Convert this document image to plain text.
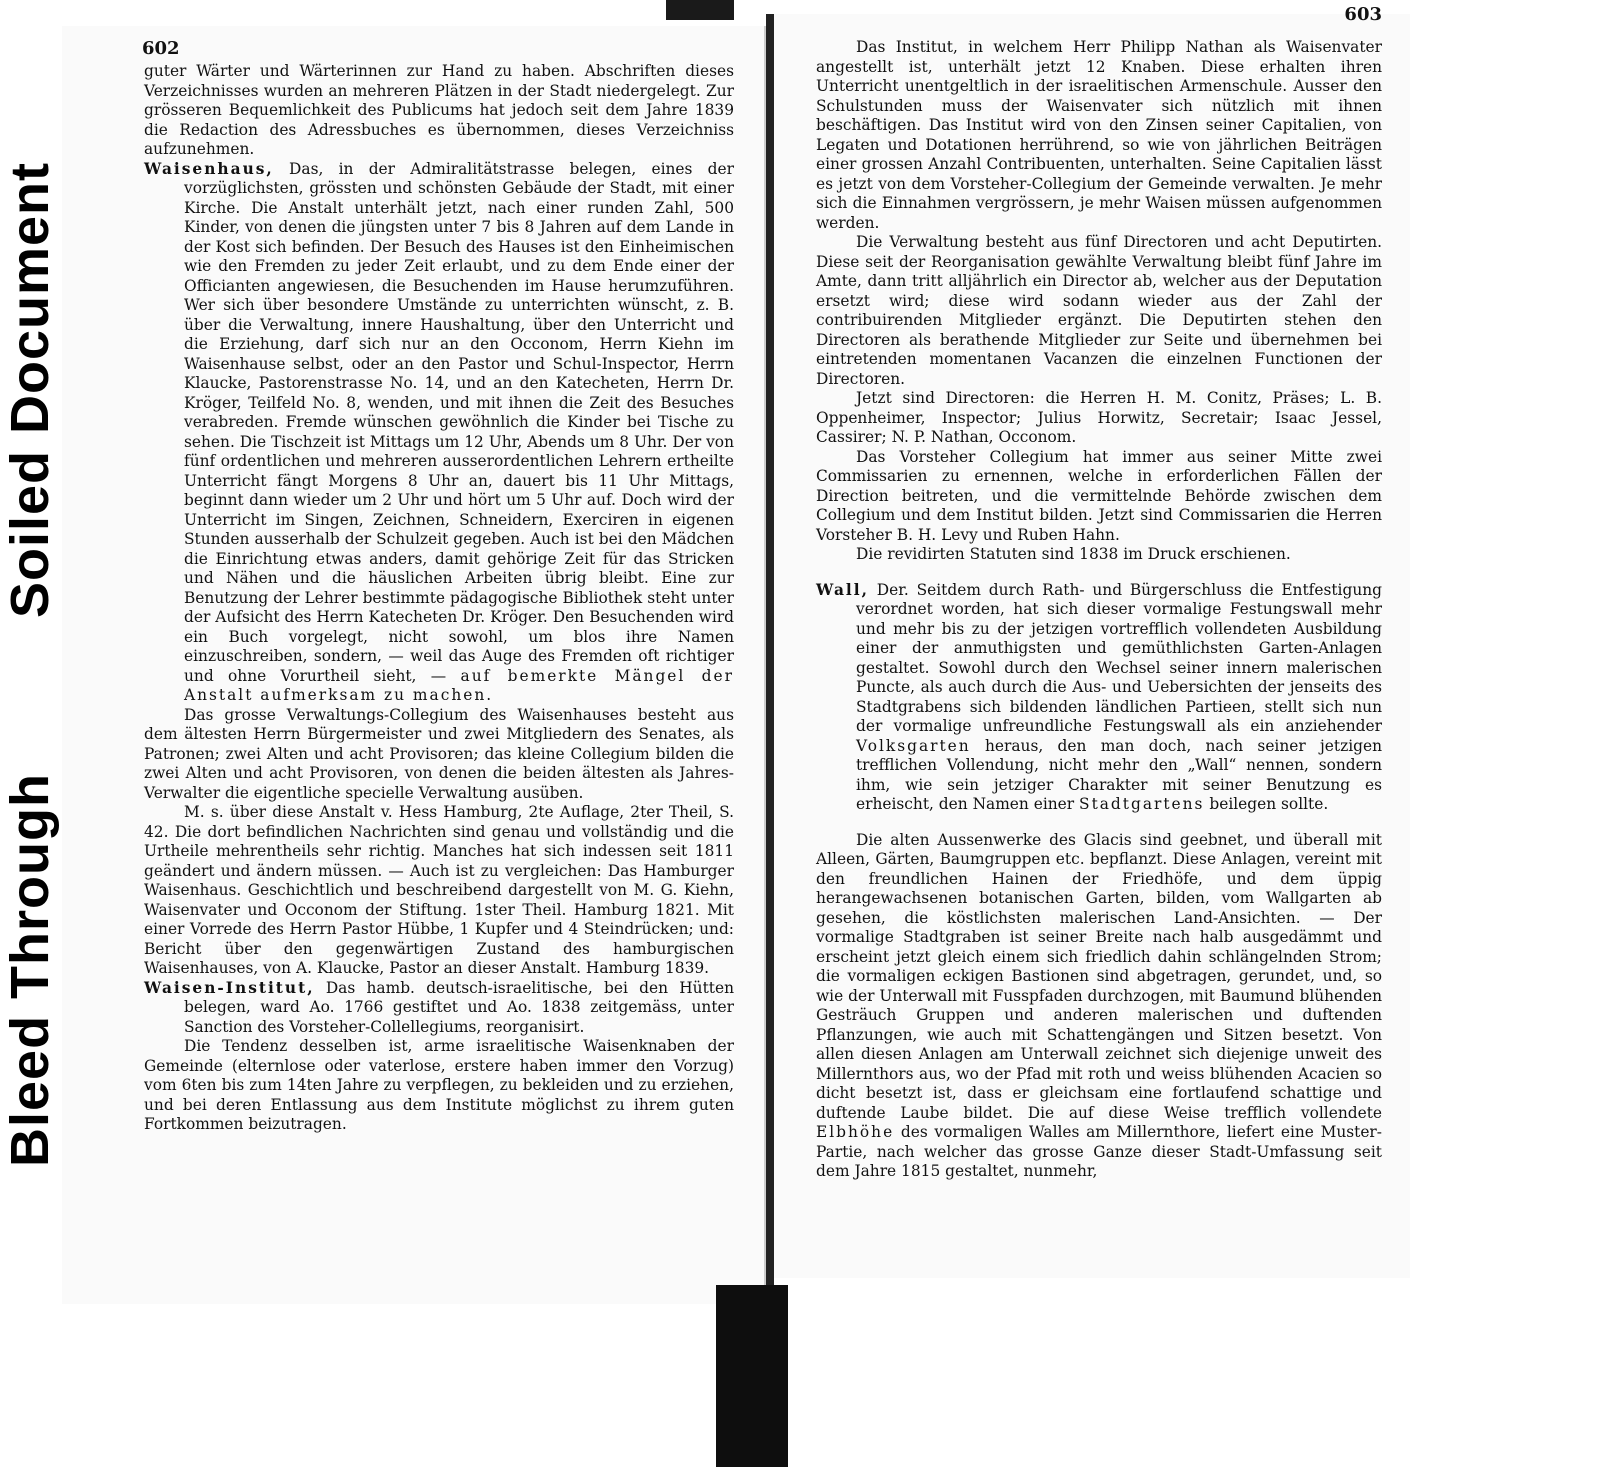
Soiled Document
Bleed Through
602

guter Wärter und Wärterinnen zur Hand zu haben. Abschriften dieses Verzeichnisses wurden an mehreren Plätzen in der Stadt niedergelegt. Zur grösseren Bequemlichkeit des Publicums hat jedoch seit dem Jahre 1839 die Redaction des Adressbuches es übernommen, dieses Verzeichniss aufzunehmen.

Waisenhaus, Das, in der Admiralitätstrasse belegen, eines der vorzüglichsten, grössten und schönsten Gebäude der Stadt, mit einer Kirche. Die Anstalt unterhält jetzt, nach einer runden Zahl, 500 Kinder, von denen die jüngsten unter 7 bis 8 Jahren auf dem Lande in der Kost sich befinden. Der Besuch des Hauses ist den Einheimischen wie den Fremden zu jeder Zeit erlaubt, und zu dem Ende einer der Officianten angewiesen, die Besuchenden im Hause herumzuführen. Wer sich über besondere Umstände zu unterrichten wünscht, z. B. über die Verwaltung, innere Haushaltung, über den Unterricht und die Erziehung, darf sich nur an den Occonom, Herrn Kiehn im Waisenhause selbst, oder an den Pastor und Schul-Inspector, Herrn Klaucke, Pastorenstrasse No. 14, und an den Katecheten, Herrn Dr. Kröger, Teilfeld No. 8, wenden, und mit ihnen die Zeit des Besuches verabreden. Fremde wünschen gewöhnlich die Kinder bei Tische zu sehen. Die Tischzeit ist Mittags um 12 Uhr, Abends um 8 Uhr. Der von fünf ordentlichen und mehreren ausserordentlichen Lehrern ertheilte Unterricht fängt Morgens 8 Uhr an, dauert bis 11 Uhr Mittags, beginnt dann wieder um 2 Uhr und hört um 5 Uhr auf. Doch wird der Unterricht im Singen, Zeichnen, Schneidern, Exerciren in eigenen Stunden ausserhalb der Schulzeit gegeben. Auch ist bei den Mädchen die Einrichtung etwas anders, damit gehörige Zeit für das Stricken und Nähen und die häuslichen Arbeiten übrig bleibt. Eine zur Benutzung der Lehrer bestimmte pädagogische Bibliothek steht unter der Aufsicht des Herrn Katecheten Dr. Kröger. Den Besuchenden wird ein Buch vorgelegt, nicht sowohl, um blos ihre Namen einzuschreiben, sondern, — weil das Auge des Fremden oft richtiger und ohne Vorurtheil sieht, — auf bemerkte Mängel der Anstalt aufmerksam zu machen.

Das grosse Verwaltungs-Collegium des Waisenhauses besteht aus dem ältesten Herrn Bürgermeister und zwei Mitgliedern des Senates, als Patronen; zwei Alten und acht Provisoren; das kleine Collegium bilden die zwei Alten und acht Provisoren, von denen die beiden ältesten als Jahres-Verwalter die eigentliche specielle Verwaltung ausüben.

M. s. über diese Anstalt v. Hess Hamburg, 2te Auflage, 2ter Theil, S. 42. Die dort befindlichen Nachrichten sind genau und vollständig und die Urtheile mehrentheils sehr richtig. Manches hat sich indessen seit 1811 geändert und ändern müssen. — Auch ist zu vergleichen: Das Hamburger Waisenhaus. Geschichtlich und beschreibend dargestellt von M. G. Kiehn, Waisenvater und Occonom der Stiftung. 1ster Theil. Hamburg 1821. Mit einer Vorrede des Herrn Pastor Hübbe, 1 Kupfer und 4 Steindrücken; und: Bericht über den gegenwärtigen Zustand des hamburgischen Waisenhauses, von A. Klaucke, Pastor an dieser Anstalt. Hamburg 1839.

Waisen-Institut, Das hamb. deutsch-israelitische, bei den Hütten belegen, ward Ao. 1766 gestiftet und Ao. 1838 zeitgemäss, unter Sanction des Vorsteher-Collellegiums, reorganisirt.

Die Tendenz desselben ist, arme israelitische Waisenknaben der Gemeinde (elternlose oder vaterlose, erstere haben immer den Vorzug) vom 6ten bis zum 14ten Jahre zu verpflegen, zu bekleiden und zu erziehen, und bei deren Entlassung aus dem Institute möglichst zu ihrem guten Fortkommen beizutragen.

603

Das Institut, in welchem Herr Philipp Nathan als Waisenvater angestellt ist, unterhält jetzt 12 Knaben. Diese erhalten ihren Unterricht unentgeltlich in der israelitischen Armenschule. Ausser den Schulstunden muss der Waisenvater sich nützlich mit ihnen beschäftigen. Das Institut wird von den Zinsen seiner Capitalien, von Legaten und Dotationen herrührend, so wie von jährlichen Beiträgen einer grossen Anzahl Contribuenten, unterhalten. Seine Capitalien lässt es jetzt von dem Vorsteher-Collegium der Gemeinde verwalten. Je mehr sich die Einnahmen vergrössern, je mehr Waisen müssen aufgenommen werden.

Die Verwaltung besteht aus fünf Directoren und acht Deputirten. Diese seit der Reorganisation gewählte Verwaltung bleibt fünf Jahre im Amte, dann tritt alljährlich ein Director ab, welcher aus der Deputation ersetzt wird; diese wird sodann wieder aus der Zahl der contribuirenden Mitglieder ergänzt. Die Deputirten stehen den Directoren als berathende Mitglieder zur Seite und übernehmen bei eintretenden momentanen Vacanzen die einzelnen Functionen der Directoren.

Jetzt sind Directoren: die Herren H. M. Conitz, Präses; L. B. Oppenheimer, Inspector; Julius Horwitz, Secretair; Isaac Jessel, Cassirer; N. P. Nathan, Occonom.

Das Vorsteher Collegium hat immer aus seiner Mitte zwei Commissarien zu ernennen, welche in erforderlichen Fällen der Direction beitreten, und die vermittelnde Behörde zwischen dem Collegium und dem Institut bilden. Jetzt sind Commissarien die Herren Vorsteher B. H. Levy und Ruben Hahn.

Die revidirten Statuten sind 1838 im Druck erschienen.

Wall, Der. Seitdem durch Rath- und Bürgerschluss die Entfestigung verordnet worden, hat sich dieser vormalige Festungswall mehr und mehr bis zu der jetzigen vortrefflich vollendeten Ausbildung einer der anmuthigsten und gemüthlichsten Garten-Anlagen gestaltet. Sowohl durch den Wechsel seiner innern malerischen Puncte, als auch durch die Aus- und Uebersichten der jenseits des Stadtgrabens sich bildenden ländlichen Partieen, stellt sich nun der vormalige unfreundliche Festungswall als ein anziehender Volksgarten heraus, den man doch, nach seiner jetzigen trefflichen Vollendung, nicht mehr den „Wall“ nennen, sondern ihm, wie sein jetziger Charakter mit seiner Benutzung es erheischt, den Namen einer Stadtgartens beilegen sollte.

Die alten Aussenwerke des Glacis sind geebnet, und überall mit Alleen, Gärten, Baumgruppen etc. bepflanzt. Diese Anlagen, vereint mit den freundlichen Hainen der Friedhöfe, und dem üppig herangewachsenen botanischen Garten, bilden, vom Wallgarten ab gesehen, die köstlichsten malerischen Land-Ansichten. — Der vormalige Stadtgraben ist seiner Breite nach halb ausgedämmt und erscheint jetzt gleich einem sich friedlich dahin schlängelnden Strom; die vormaligen eckigen Bastionen sind abgetragen, gerundet, und, so wie der Unterwall mit Fusspfaden durchzogen, mit Baumund blühenden Gesträuch Gruppen und anderen malerischen und duftenden Pflanzungen, wie auch mit Schattengängen und Sitzen besetzt. Von allen diesen Anlagen am Unterwall zeichnet sich diejenige unweit des Millernthors aus, wo der Pfad mit roth und weiss blühenden Acacien so dicht besetzt ist, dass er gleichsam eine fortlaufend schattige und duftende Laube bildet. Die auf diese Weise trefflich vollendete Elbhöhe des vormaligen Walles am Millernthore, liefert eine Muster-Partie, nach welcher das grosse Ganze dieser Stadt-Umfassung seit dem Jahre 1815 gestaltet, nunmehr,
